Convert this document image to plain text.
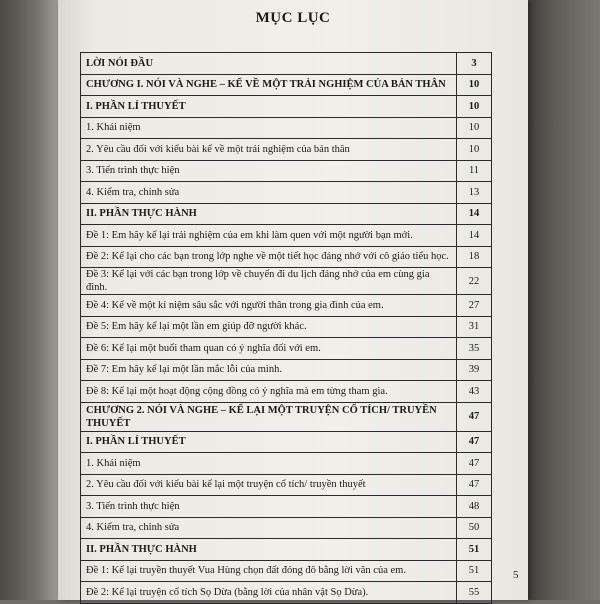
MỤC LỤC
LỜI NÓI ĐẦU	3
CHƯƠNG I. NÓI VÀ NGHE – KỂ VỀ MỘT TRẢI NGHIỆM CỦA BẢN THÂN	10
I. PHẦN LÍ THUYẾT	10
1. Khái niệm	10
2. Yêu cầu đối với kiểu bài kể về một trải nghiệm của bản thân	10
3. Tiến trình thực hiện	11
4. Kiểm tra, chỉnh sửa	13
II. PHẦN THỰC HÀNH	14
Đề 1: Em hãy kể lại trải nghiệm của em khi làm quen với một người bạn mới.	14
Đề 2: Kể lại cho các bạn trong lớp nghe về một tiết học đáng nhớ với cô giáo tiểu học.	18
Đề 3: Kể lại với các bạn trong lớp về chuyến đi du lịch đáng nhớ của em cùng gia đình.	22
Đề 4: Kể về một kỉ niệm sâu sắc với người thân trong gia đình của em.	27
Đề 5: Em hãy kể lại một lần em giúp đỡ người khác.	31
Đề 6: Kể lại một buổi tham quan có ý nghĩa đối với em.	35
Đề 7: Em hãy kể lại một lần mắc lỗi của mình.	39
Đề 8: Kể lại một hoạt động cộng đồng có ý nghĩa mà em từng tham gia.	43
CHƯƠNG 2. NÓI VÀ NGHE – KỂ LẠI MỘT TRUYỆN CỔ TÍCH/ TRUYỀN THUYẾT	47
I. PHẦN LÍ THUYẾT	47
1. Khái niệm	47
2. Yêu cầu đối với kiểu bài kể lại một truyện cổ tích/ truyền thuyết	47
3. Tiến trình thực hiện	48
4. Kiểm tra, chỉnh sửa	50
II. PHẦN THỰC HÀNH	51
Đề 1: Kể lại truyền thuyết Vua Hùng chọn đất đóng đô bằng lời văn của em.	51
Đề 2: Kể lại truyện cổ tích Sọ Dừa (bằng lời của nhân vật Sọ Dừa).	55
5
